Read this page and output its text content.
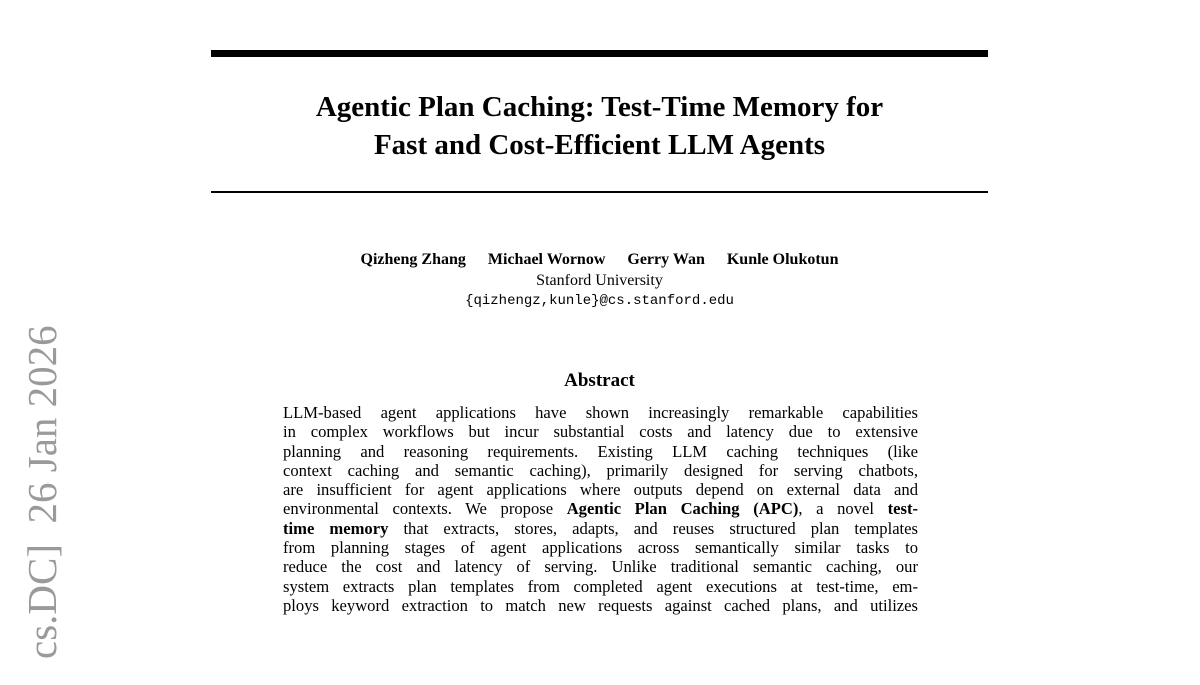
cs.DC]  26 Jan 2026
Agentic Plan Caching: Test-Time Memory for
Fast and Cost-Efficient LLM Agents
Qizheng Zhang Michael Wornow Gerry Wan Kunle Olukotun
Stanford University
{qizhengz,kunle}@cs.stanford.edu
Abstract
LLM-based agent applications have shown increasingly remarkable capabilities
in complex workflows but incur substantial costs and latency due to extensive
planning and reasoning requirements. Existing LLM caching techniques (like
context caching and semantic caching), primarily designed for serving chatbots,
are insufficient for agent applications where outputs depend on external data and
environmental contexts. We propose Agentic Plan Caching (APC), a novel test-
time memory that extracts, stores, adapts, and reuses structured plan templates
from planning stages of agent applications across semantically similar tasks to
reduce the cost and latency of serving. Unlike traditional semantic caching, our
system extracts plan templates from completed agent executions at test-time, em-
ploys keyword extraction to match new requests against cached plans, and utilizes
